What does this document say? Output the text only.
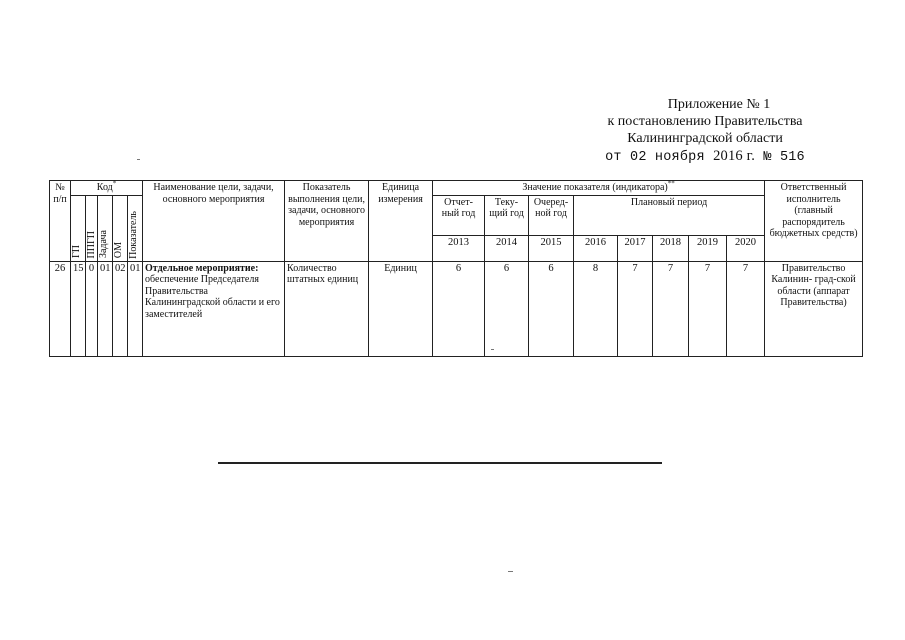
Приложение № 1
к постановлению Правительства
Калининградской области
от 02 ноября 2016 г. № 516
№ п/п	Код*					Наименование цели, задачи, основного мероприятия	Показатель выполнения цели, задачи, основного мероприятия	Единица измерения	Значение показателя (индикатора)**								Ответственный исполнитель (главный распорядитель бюджетных средств)

	ГП	ППГП	Задача	ОМ	Показатель				Отчет- ный год	Теку- щий год	Очеред- ной год	Плановый период					
									2013	2014	2015	2016	2017	2018	2019	2020	
26	15	0	01	02	01	Отдельное мероприятие: обеспечение Председателя Правительства Калининградской области и его заместителей	Количество штатных единиц	Единиц	6	6	6	8	7	7	7	7	Правительство Калинин- град-ской области (аппарат Правительства)
